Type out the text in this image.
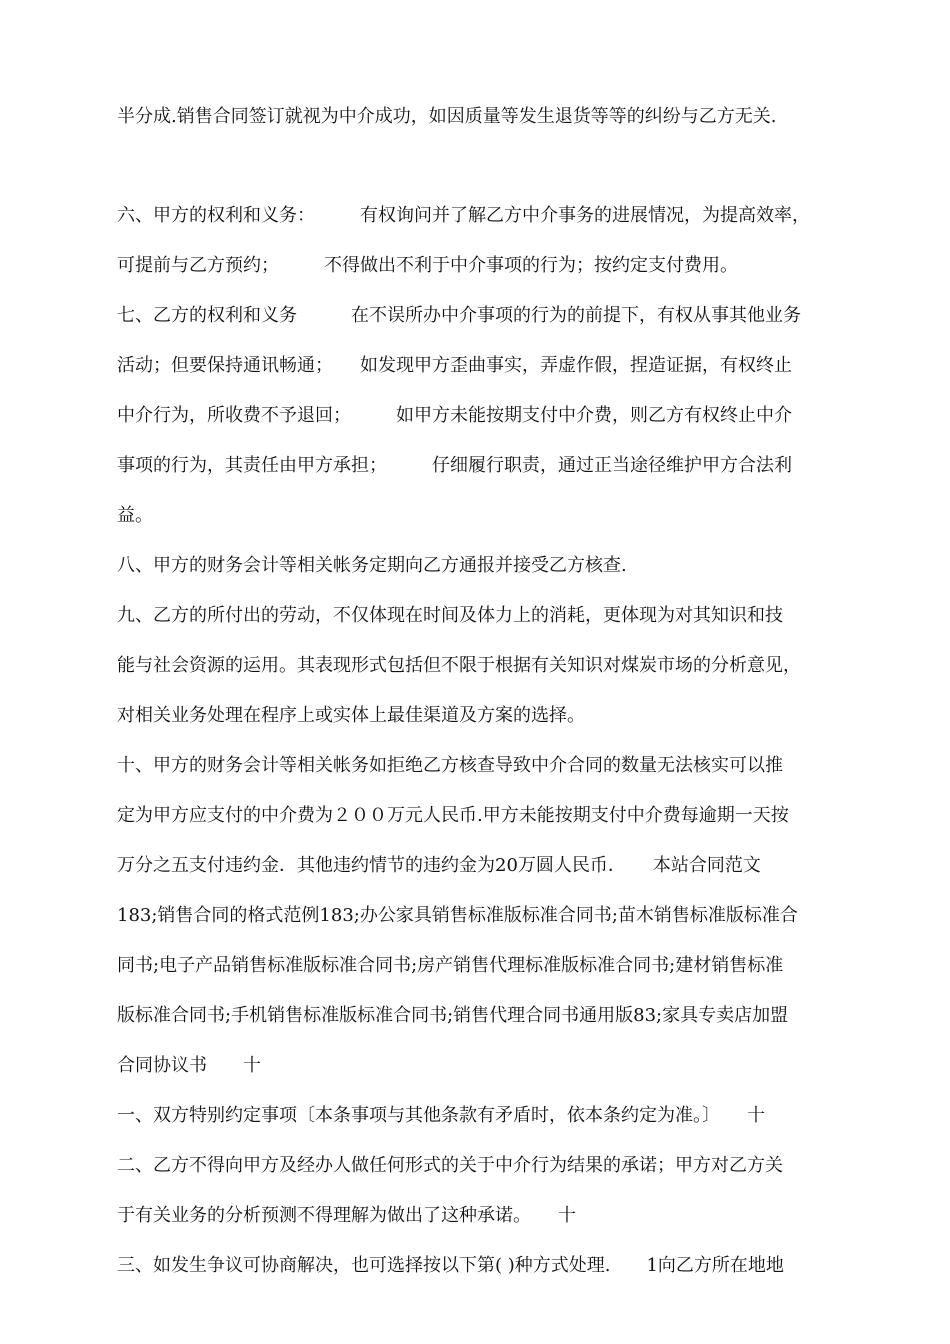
半分成.销售合同签订就视为中介成功，如因质量等发生退货等等的纠纷与乙方无关.

六、甲方的权利和义务：　　　有权询问并了解乙方中介事务的进展情况，为提高效率，

可提前与乙方预约；　　　不得做出不利于中介事项的行为；按约定支付费用。

七、乙方的权利和义务　　　在不误所办中介事项的行为的前提下，有权从事其他业务

活动；但要保持通讯畅通；　　如发现甲方歪曲事实，弄虚作假，捏造证据，有权终止

中介行为，所收费不予退回；　　　如甲方未能按期支付中介费，则乙方有权终止中介

事项的行为，其责任由甲方承担；　　　仔细履行职责，通过正当途径维护甲方合法利

益。

八、甲方的财务会计等相关帐务定期向乙方通报并接受乙方核查.

九、乙方的所付出的劳动，不仅体现在时间及体力上的消耗，更体现为对其知识和技

能与社会资源的运用。其表现形式包括但不限于根据有关知识对煤炭市场的分析意见，

对相关业务处理在程序上或实体上最佳渠道及方案的选择。

十、甲方的财务会计等相关帐务如拒绝乙方核查导致中介合同的数量无法核实可以推

定为甲方应支付的中介费为２００万元人民币.甲方未能按期支付中介费每逾期一天按

万分之五支付违约金．其他违约情节的违约金为20万圆人民币．　　本站合同范文

183;销售合同的格式范例183;办公家具销售标准版标准合同书;苗木销售标准版标准合

同书;电子产品销售标准版标准合同书;房产销售代理标准版标准合同书;建材销售标准

版标准合同书;手机销售标准版标准合同书;销售代理合同书通用版83;家具专卖店加盟

合同协议书　　十

一、双方特别约定事项〔本条事项与其他条款有矛盾时，依本条约定为准。〕　　十

二、乙方不得向甲方及经办人做任何形式的关于中介行为结果的承诺；甲方对乙方关

于有关业务的分析预测不得理解为做出了这种承诺。　　十

三、如发生争议可协商解决，也可选择按以下第( )种方式处理.　　1向乙方所在地地
